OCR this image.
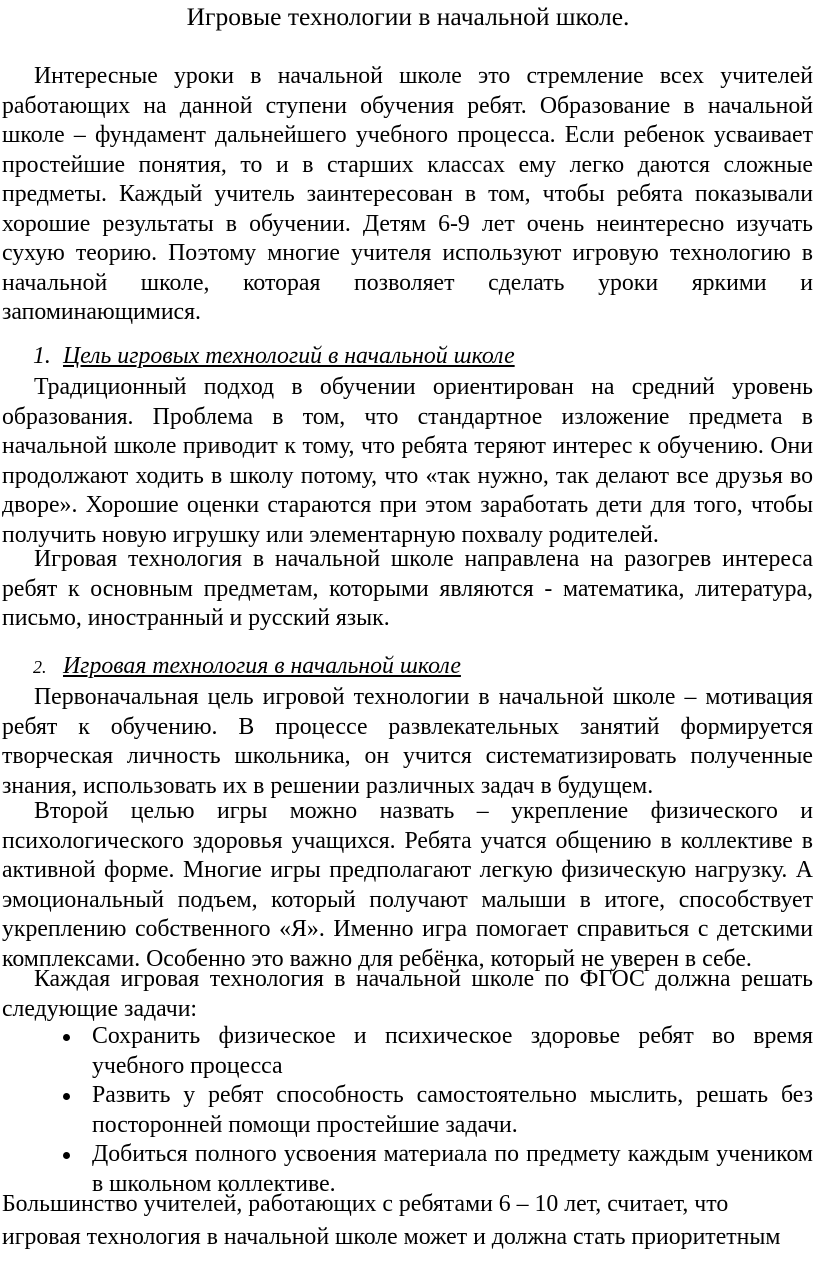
Игровые технологии в начальной школе.

Интересные уроки в начальной школе это стремление всех учителей работающих на данной ступени обучения ребят. Образование в начальной школе – фундамент дальнейшего учебного процесса. Если ребенок усваивает простейшие понятия, то и в старших классах ему легко даются сложные предметы. Каждый учитель заинтересован в том, чтобы ребята показывали хорошие результаты в обучении. Детям 6-9 лет очень неинтересно изучать сухую теорию. Поэтому многие учителя используют игровую технологию в начальной школе, которая позволяет сделать уроки яркими и запоминающимися.

1. Цель игровых технологий в начальной школе

Традиционный подход в обучении ориентирован на средний уровень образования. Проблема в том, что стандартное изложение предмета в начальной школе приводит к тому, что ребята теряют интерес к обучению. Они продолжают ходить в школу потому, что «так нужно, так делают все друзья во дворе». Хорошие оценки стараются при этом заработать дети для того, чтобы получить новую игрушку или элементарную похвалу родителей.

Игровая технология в начальной школе направлена на разогрев интереса ребят к основным предметам, которыми являются - математика, литература, письмо, иностранный и русский язык.

2. Игровая технология в начальной школе

Первоначальная цель игровой технологии в начальной школе – мотивация ребят к обучению. В процессе развлекательных занятий формируется творческая личность школьника, он учится систематизировать полученные знания, использовать их в решении различных задач в будущем.

Второй целью игры можно назвать – укрепление физического и психологического здоровья учащихся. Ребята учатся общению в коллективе в активной форме. Многие игры предполагают легкую физическую нагрузку. А эмоциональный подъем, который получают малыши в итоге, способствует укреплению собственного «Я». Именно игра помогает справиться с детскими комплексами. Особенно это важно для ребёнка, который не уверен в себе.

Каждая игровая технология в начальной школе по ФГОС должна решать следующие задачи:

Сохранить физическое и психическое здоровье ребят во время учебного процесса
Развить у ребят способность самостоятельно мыслить, решать без посторонней помощи простейшие задачи.
Добиться полного усвоения материала по предмету каждым учеником в школьном коллективе.
Большинство учителей, работающих с ребятами 6 – 10 лет, считает, что
игровая технология в начальной школе может и должна стать приоритетным
